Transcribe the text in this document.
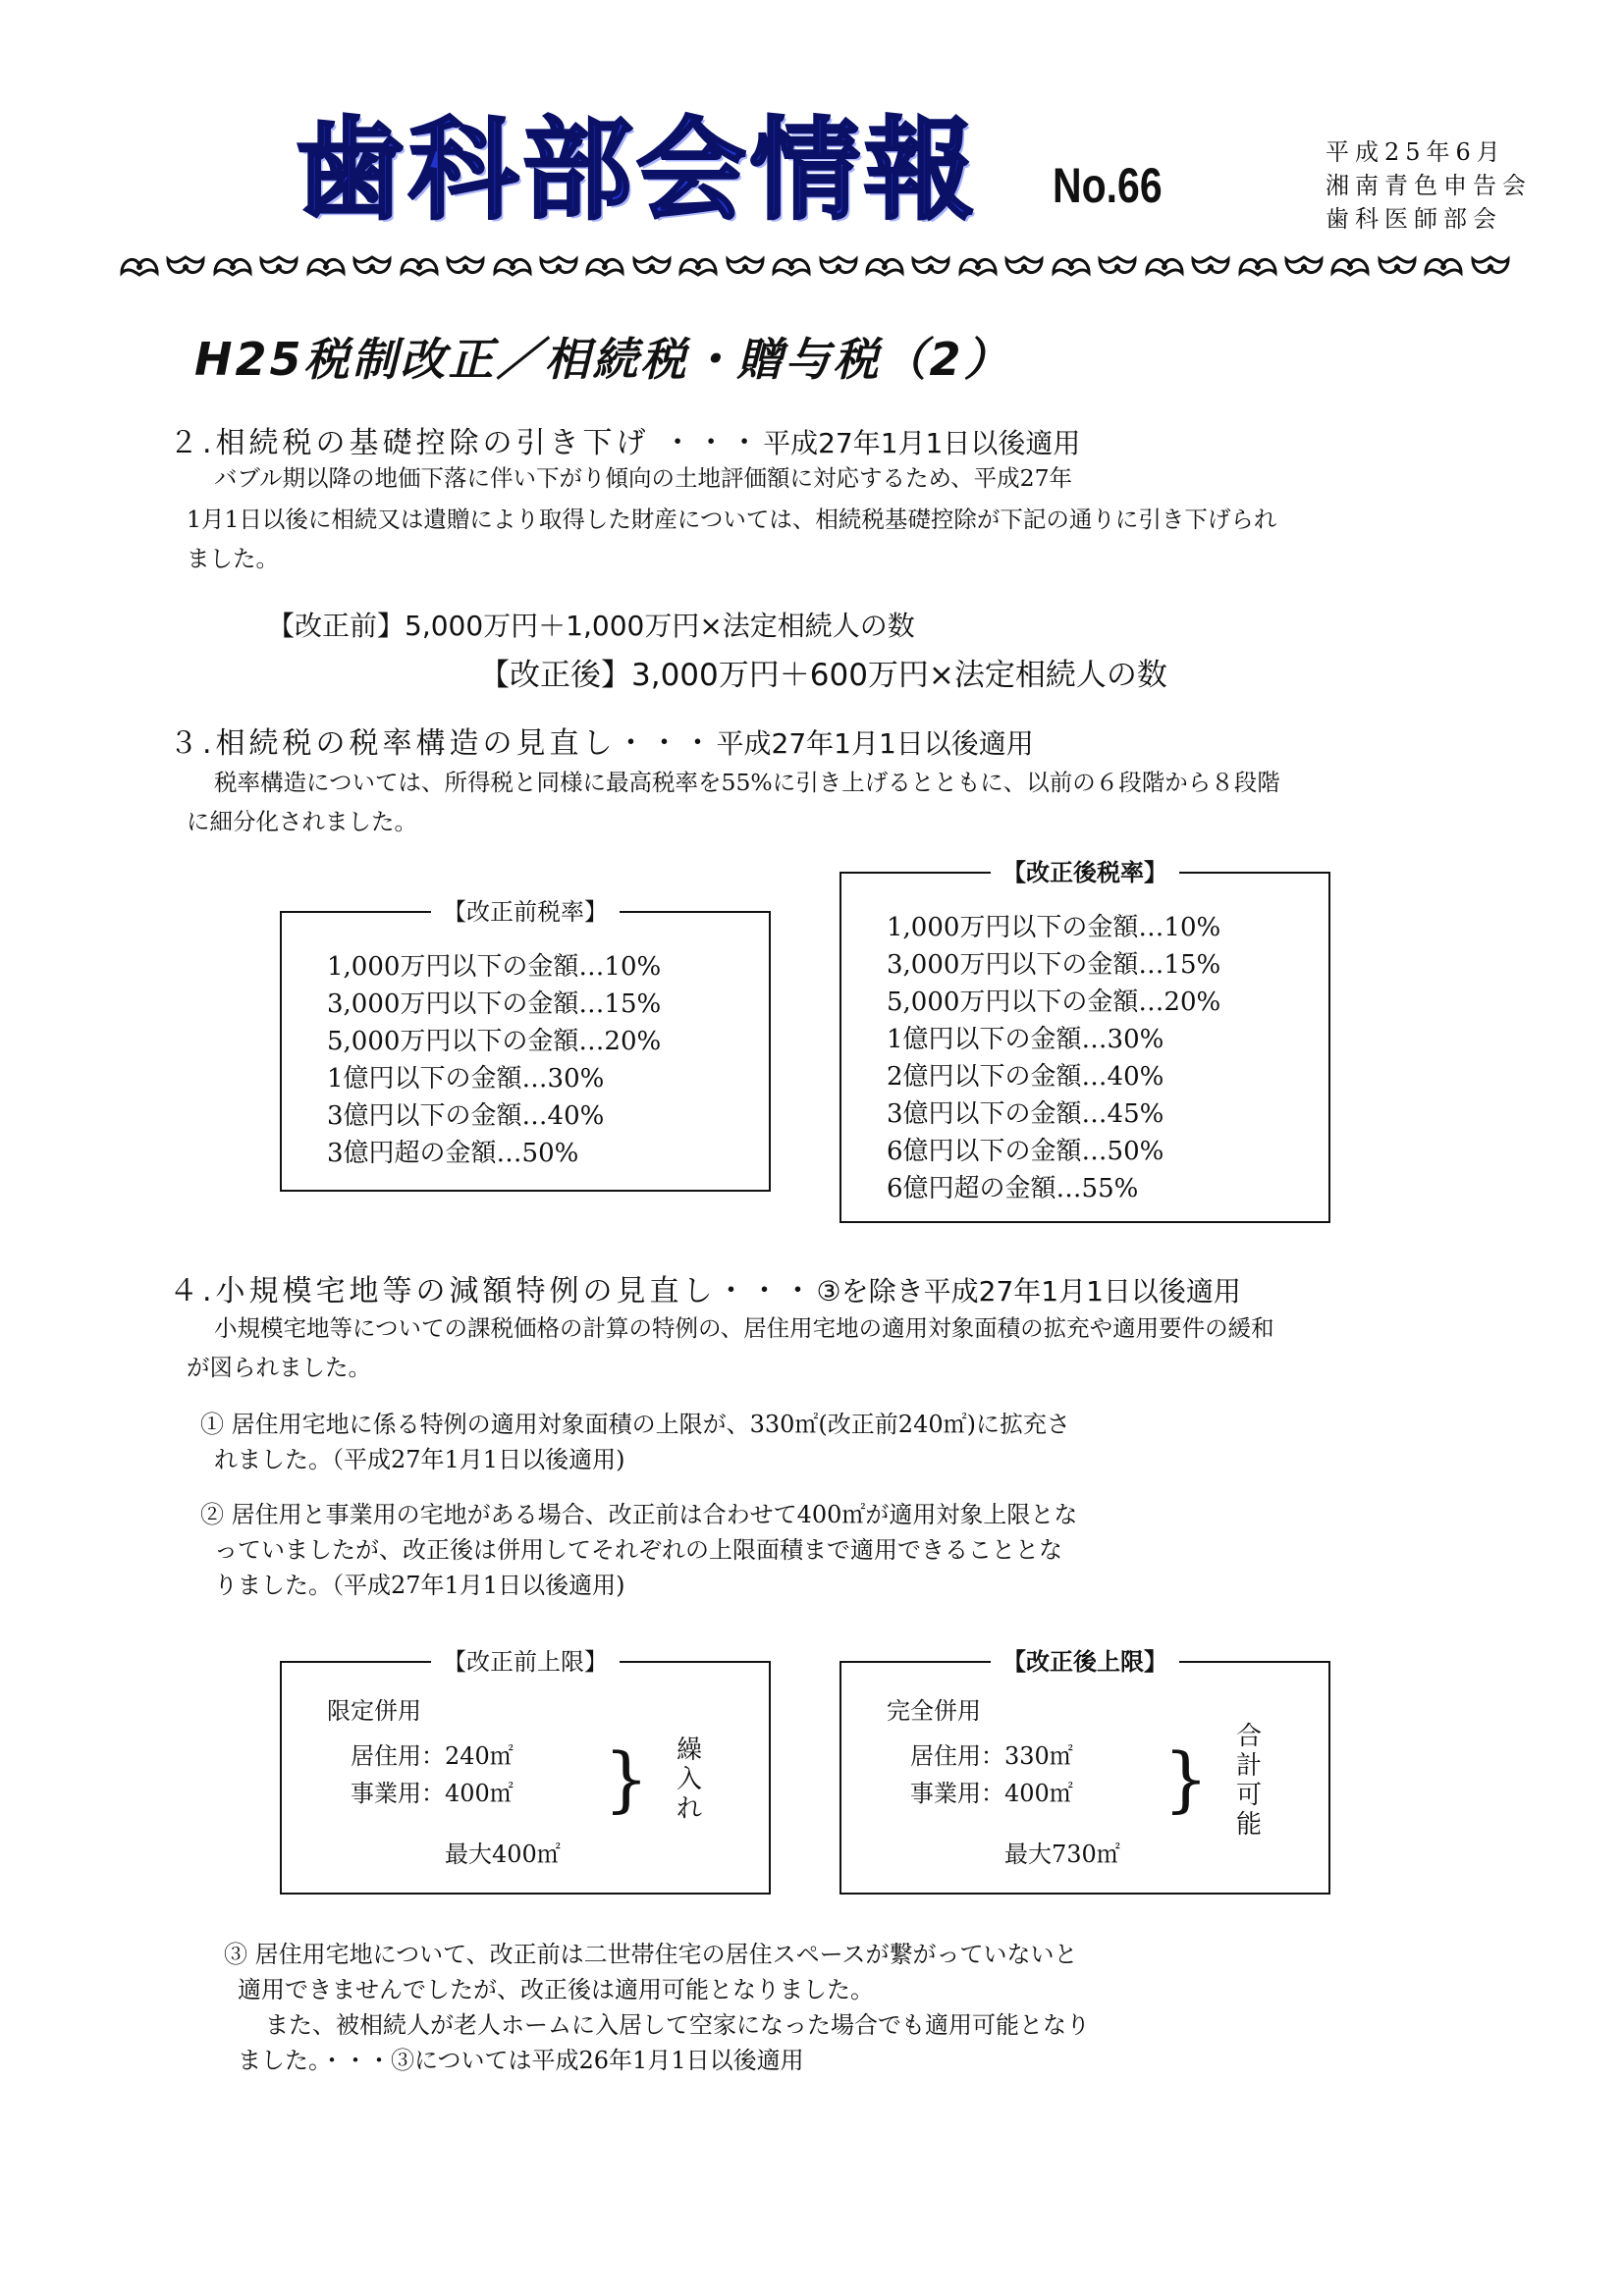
歯科部会情報 No.66
平成25年6月
湘南青色申告会
歯科医師部会
H25税制改正／相続税・贈与税（2）
２.相続税の基礎控除の引き下げ ・・・平成27年1月1日以後適用
バブル期以降の地価下落に伴い下がり傾向の土地評価額に対応するため、平成27年
1月1日以後に相続又は遺贈により取得した財産については、相続税基礎控除が下記の通りに引き下げられ
ました。
【改正前】5,000万円＋1,000万円×法定相続人の数
【改正後】3,000万円＋600万円×法定相続人の数
３.相続税の税率構造の見直し・・・平成27年1月1日以後適用
税率構造については、所得税と同様に最高税率を55%に引き上げるとともに、以前の６段階から８段階
に細分化されました。
【改正前税率】
1,000万円以下の金額…10%
3,000万円以下の金額…15%
5,000万円以下の金額…20%
1億円以下の金額…30%
3億円以下の金額…40%
3億円超の金額…50%
【改正後税率】
1,000万円以下の金額…10%
3,000万円以下の金額…15%
5,000万円以下の金額…20%
1億円以下の金額…30%
2億円以下の金額…40%
3億円以下の金額…45%
6億円以下の金額…50%
6億円超の金額…55%
４.小規模宅地等の減額特例の見直し・・・③を除き平成27年1月1日以後適用
小規模宅地等についての課税価格の計算の特例の、居住用宅地の適用対象面積の拡充や適用要件の緩和
が図られました。
① 居住用宅地に係る特例の適用対象面積の上限が、330㎡(改正前240㎡)に拡充さ
れました。（平成27年1月1日以後適用)
② 居住用と事業用の宅地がある場合、改正前は合わせて400㎡が適用対象上限とな
っていましたが、改正後は併用してそれぞれの上限面積まで適用できることとな
りました。（平成27年1月1日以後適用)
【改正前上限】
限定併用
居住用：240㎡
事業用：400㎡ } 繰
入
れ
最大400㎡
【改正後上限】
完全併用
居住用：330㎡
事業用：400㎡ }
合
計
可
能
最大730㎡
③ 居住用宅地について、改正前は二世帯住宅の居住スペースが繋がっていないと
適用できませんでしたが、改正後は適用可能となりました。
また、被相続人が老人ホームに入居して空家になった場合でも適用可能となり
ました。・・・③については平成26年1月1日以後適用
